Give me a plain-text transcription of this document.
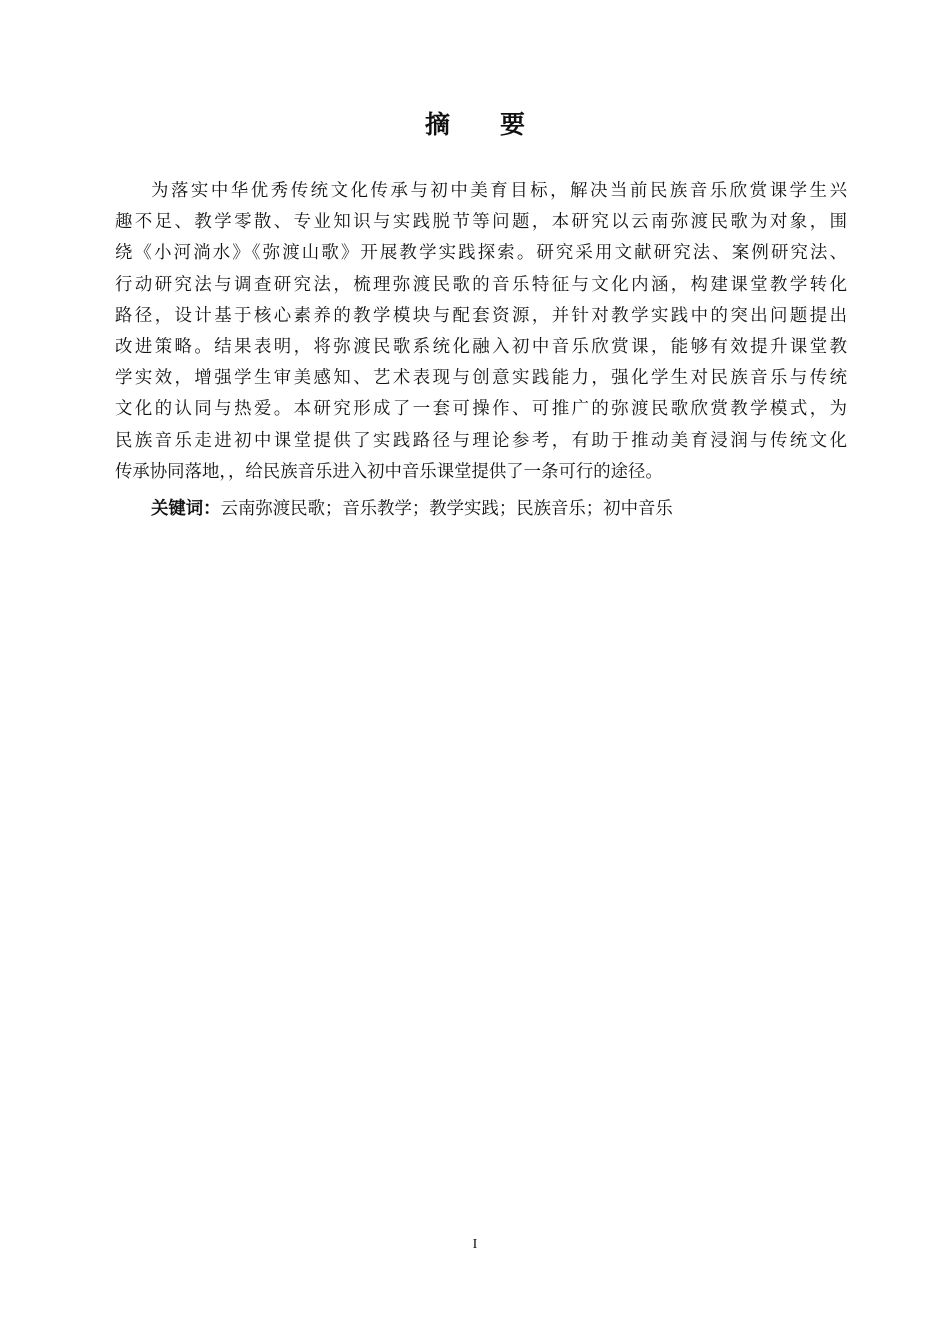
摘 要
为落实中华优秀传统文化传承与初中美育目标，解决当前民族音乐欣赏课学生兴
趣不足、教学零散、专业知识与实践脱节等问题，本研究以云南弥渡民歌为对象，围
绕《小河淌水》《弥渡山歌》开展教学实践探索。研究采用文献研究法、案例研究法、
行动研究法与调查研究法，梳理弥渡民歌的音乐特征与文化内涵，构建课堂教学转化
路径，设计基于核心素养的教学模块与配套资源，并针对教学实践中的突出问题提出
改进策略。结果表明，将弥渡民歌系统化融入初中音乐欣赏课，能够有效提升课堂教
学实效，增强学生审美感知、艺术表现与创意实践能力，强化学生对民族音乐与传统
文化的认同与热爱。本研究形成了一套可操作、可推广的弥渡民歌欣赏教学模式，为
民族音乐走进初中课堂提供了实践路径与理论参考，有助于推动美育浸润与传统文化
传承协同落地，，给民族音乐进入初中音乐课堂提供了一条可行的途径。
关键词：云南弥渡民歌；音乐教学；教学实践；民族音乐；初中音乐
I
